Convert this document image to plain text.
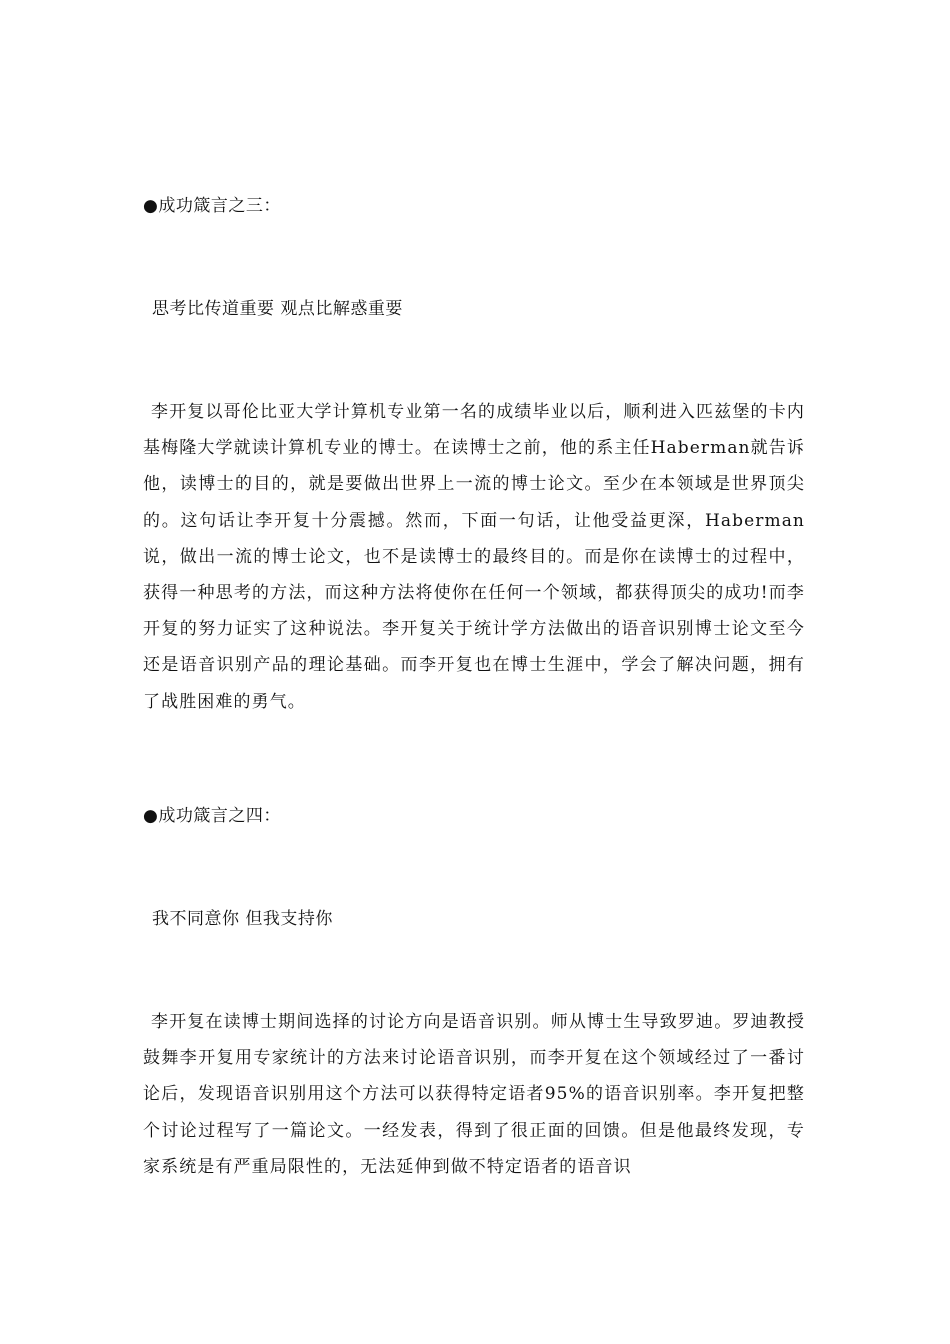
●成功箴言之三：
思考比传道重要 观点比解惑重要
李开复以哥伦比亚大学计算机专业第一名的成绩毕业以后，顺利进入匹兹堡的卡内基梅隆大学就读计算机专业的博士。在读博士之前，他的系主任Haberman就告诉他，读博士的目的，就是要做出世界上一流的博士论文。至少在本领域是世界顶尖的。这句话让李开复十分震撼。然而，下面一句话，让他受益更深，Haberman说，做出一流的博士论文，也不是读博士的最终目的。而是你在读博士的过程中，获得一种思考的方法，而这种方法将使你在任何一个领域，都获得顶尖的成功!而李开复的努力证实了这种说法。李开复关于统计学方法做出的语音识别博士论文至今还是语音识别产品的理论基础。而李开复也在博士生涯中，学会了解决问题，拥有了战胜困难的勇气。
●成功箴言之四：
我不同意你 但我支持你
李开复在读博士期间选择的讨论方向是语音识别。师从博士生导致罗迪。罗迪教授鼓舞李开复用专家统计的方法来讨论语音识别，而李开复在这个领域经过了一番讨论后，发现语音识别用这个方法可以获得特定语者95%的语音识别率。李开复把整个讨论过程写了一篇论文。一经发表，得到了很正面的回馈。但是他最终发现，专家系统是有严重局限性的，无法延伸到做不特定语者的语音识
